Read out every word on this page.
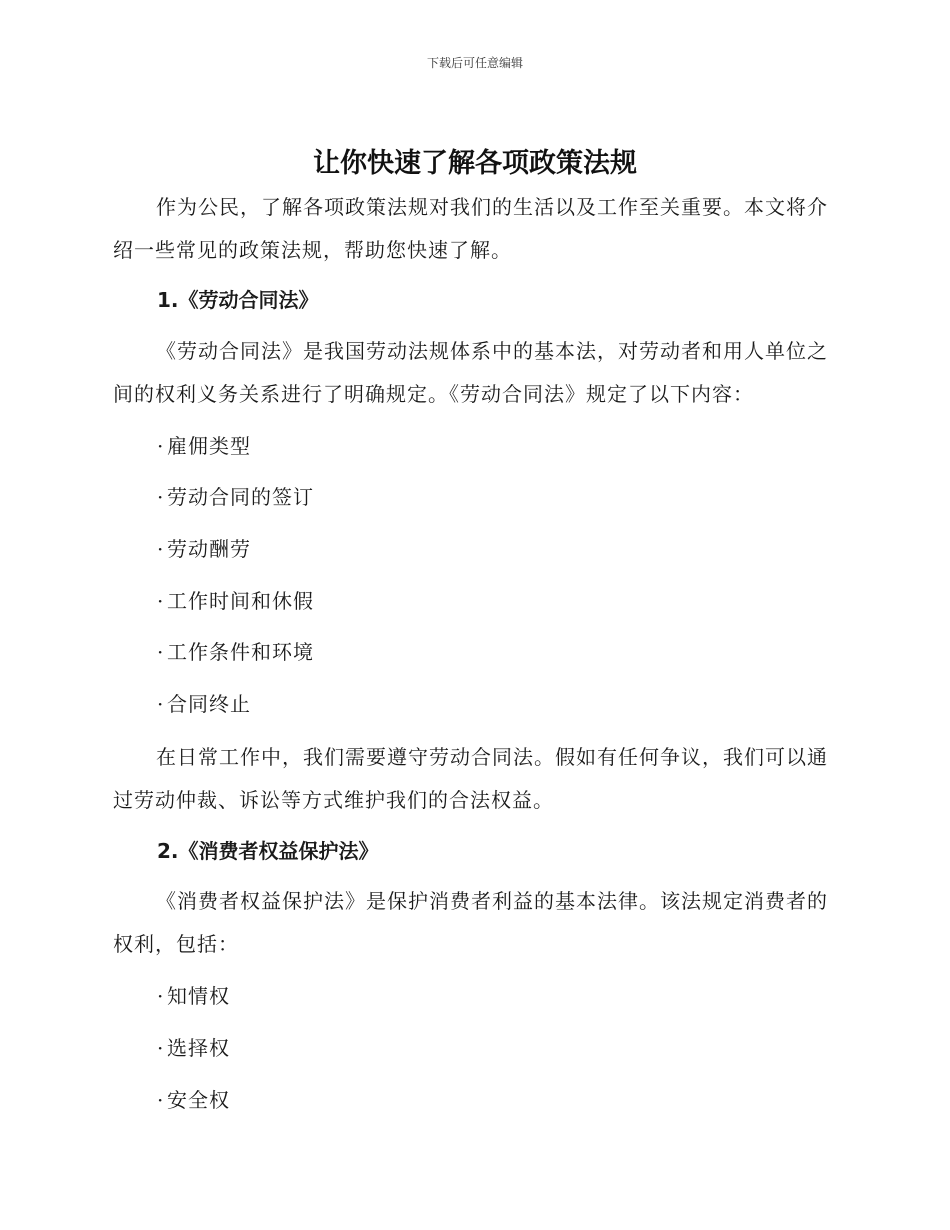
下载后可任意编辑
让你快速了解各项政策法规

作为公民，了解各项政策法规对我们的生活以及工作至关重要。本文将介绍一些常见的政策法规，帮助您快速了解。

1.《劳动合同法》

《劳动合同法》是我国劳动法规体系中的基本法，对劳动者和用人单位之间的权利义务关系进行了明确规定。《劳动合同法》规定了以下内容：

· 雇佣类型
· 劳动合同的签订
· 劳动酬劳
· 工作时间和休假
· 工作条件和环境
· 合同终止

在日常工作中，我们需要遵守劳动合同法。假如有任何争议，我们可以通过劳动仲裁、诉讼等方式维护我们的合法权益。

2.《消费者权益保护法》

《消费者权益保护法》是保护消费者利益的基本法律。该法规定消费者的权利，包括：

· 知情权
· 选择权
· 安全权
